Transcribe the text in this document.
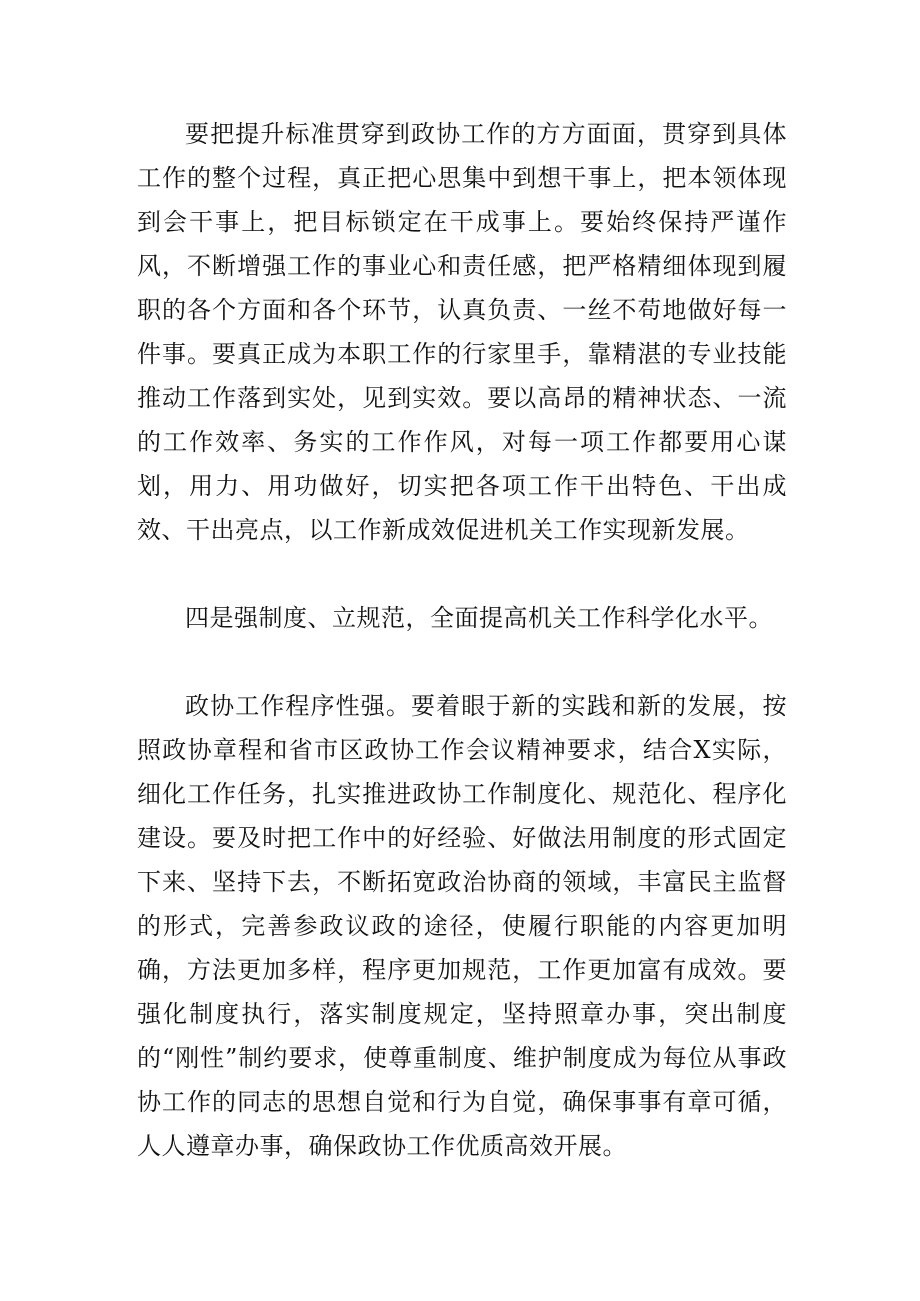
要把提升标准贯穿到政协工作的方方面面，贯穿到具体工作的整个过程，真正把心思集中到想干事上，把本领体现到会干事上，把目标锁定在干成事上。要始终保持严谨作风，不断增强工作的事业心和责任感，把严格精细体现到履职的各个方面和各个环节，认真负责、一丝不苟地做好每一件事。要真正成为本职工作的行家里手，靠精湛的专业技能推动工作落到实处，见到实效。要以高昂的精神状态、一流的工作效率、务实的工作作风，对每一项工作都要用心谋划，用力、用功做好，切实把各项工作干出特色、干出成效、干出亮点，以工作新成效促进机关工作实现新发展。

四是强制度、立规范，全面提高机关工作科学化水平。

政协工作程序性强。要着眼于新的实践和新的发展，按照政协章程和省市区政协工作会议精神要求，结合X实际，细化工作任务，扎实推进政协工作制度化、规范化、程序化建设。要及时把工作中的好经验、好做法用制度的形式固定下来、坚持下去，不断拓宽政治协商的领域，丰富民主监督的形式，完善参政议政的途径，使履行职能的内容更加明确，方法更加多样，程序更加规范，工作更加富有成效。要强化制度执行，落实制度规定，坚持照章办事，突出制度的“刚性”制约要求，使尊重制度、维护制度成为每位从事政协工作的同志的思想自觉和行为自觉，确保事事有章可循，人人遵章办事，确保政协工作优质高效开展。
